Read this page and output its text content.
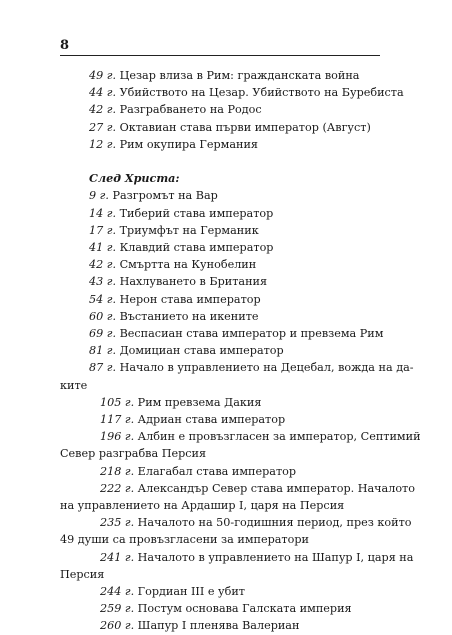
8
49 г. Цезар влиза в Рим: гражданската война
44 г. Убийството на Цезар. Убийството на Буребиста
42 г. Разграбването на Родос
27 г. Октавиан става първи император (Август)
12 г. Рим окупира Германия
След Христа:
9 г. Разгромът на Вар
14 г. Тиберий става император
17 г. Триумфът на Германик
41 г. Клавдий става император
42 г. Смъртта на Кунобелин
43 г. Нахлуването в Британия
54 г. Нерон става император
60 г. Въстанието на икените
69 г. Веспасиан става император и превзема Рим
81 г. Домициан става император
87 г. Начало в управлението на Децебал, вожда на да-
ките
105 г. Рим превзема Дакия
117 г. Адриан става император
196 г. Албин е провъзгласен за император, Септимий
Север разграбва Персия
218 г. Елагабал става император
222 г. Александър Север става император. Началото
на управлението на Ардашир I, царя на Персия
235 г. Началото на 50-годишния период, през който
49 души са провъзгласени за императори
241 г. Началото в управлението на Шапур I, царя на
Персия
244 г. Гордиан III е убит
259 г. Постум основава Галската империя
260 г. Шапур I пленява Валериан
